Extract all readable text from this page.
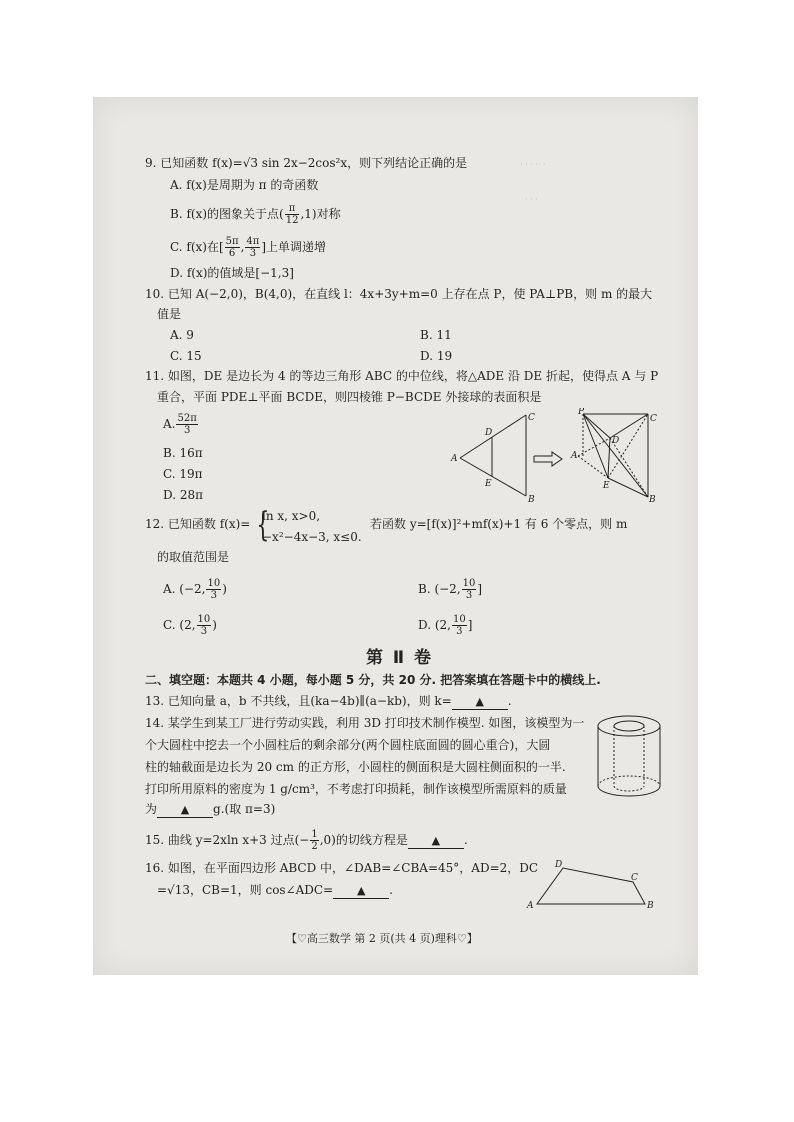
· · · ·· ·
· · ·
9. 已知函数 f(x)=√3 sin 2x−2cos²x，则下列结论正确的是
A. f(x)是周期为 π 的奇函数
B. f(x)的图象关于点( $\frac{\pi}{12} ,1$)对称
C. f(x)在[ $\frac{5\pi}{6}$ , $\frac{4\pi}{3}$ ]上单调递增
D. f(x)的值域是[−1,3]
10. 已知 A(−2,0)，B(4,0)，在直线 l：4x+3y+m=0 上存在点 P，使 PA⊥PB，则 m 的最大
值是
A. 9	B. 11
C. 15	D. 19
11. 如图，DE 是边长为 4 的等边三角形 ABC 的中位线，将△ADE 沿 DE 折起，使得点 A 与 P
重合，平面 PDE⊥平面 BCDE，则四棱锥 P−BCDE 外接球的表面积是
A. $\frac{52\pi}{3}$
B. 16π
C. 19π
D. 28π
A
C
B
D
E
P
C
D
A
E
B
12. 已知函数 f(x)= {
ln x, x>0,
−x²−4x−3, x≤0.
若函数 y=[f(x)]²+mf(x)+1 有 6 个零点，则 m
的取值范围是
A. (−2, $\frac{10}{3}$ )	B. (−2, $\frac{10}{3}$ ]
C. (2, $\frac{10}{3}$ )	D. (2, $\frac{10}{3}$ ]
第 Ⅱ 卷
二、填空题：本题共 4 小题，每小题 5 分，共 20 分. 把答案填在答题卡中的横线上.
13. 已知向量 a，b 不共线，且(ka−4b)∥(a−kb)，则 k= ▲ .
14. 某学生到某工厂进行劳动实践，利用 3D 打印技术制作模型. 如图，该模型为一
个大圆柱中挖去一个小圆柱后的剩余部分(两个圆柱底面圆的圆心重合)，大圆
柱的轴截面是边长为 20 cm 的正方形，小圆柱的侧面积是大圆柱侧面积的一半.
打印所用原料的密度为 1 g/cm³，不考虑打印损耗，制作该模型所需原料的质量
为 ▲ g.(取 π=3)
15. 曲线 y=2xln x+3 过点(− $\frac{1}{2} ,0$)的切线方程是 ▲ .
16. 如图，在平面四边形 ABCD 中，∠DAB=∠CBA=45°，AD=2，DC
=√13，CB=1，则 cos∠ADC= ▲ .
A
D
C
B
【♡高三数学 第 2 页(共 4 页)理科♡】
